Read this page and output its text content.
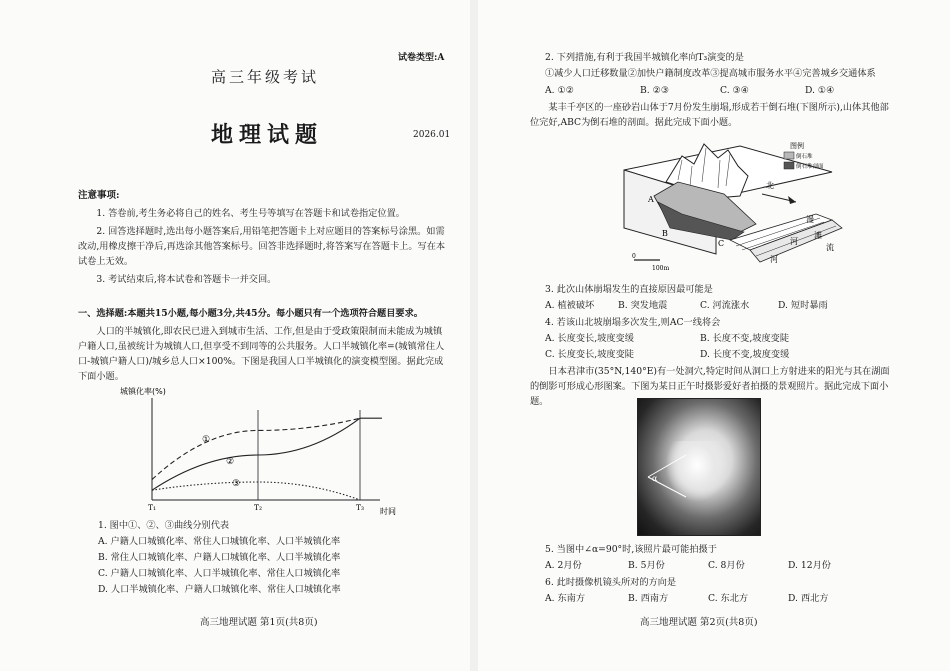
试卷类型:A
高三年级考试
地理试题	2026.01
注意事项:
1. 答卷前,考生务必将自己的姓名、考生号等填写在答题卡和试卷指定位置。
2. 回答选择题时,选出每小题答案后,用铅笔把答题卡上对应题目的答案标号涂黑。如需改动,用橡皮擦干净后,再选涂其他答案标号。回答非选择题时,将答案写在答题卡上。写在本试卷上无效。
3. 考试结束后,将本试卷和答题卡一并交回。
一、选择题:本题共15小题,每小题3分,共45分。每小题只有一个选项符合题目要求。
人口的半城镇化,即农民已进入到城市生活、工作,但是由于受政策限制而未能成为城镇户籍人口,虽被统计为城镇人口,但享受不到同等的公共服务。人口半城镇化率=(城镇常住人口-城镇户籍人口)/城乡总人口×100%。下图是我国人口半城镇化的演变模型图。据此完成下面小题。
城镇化率(%)
①
②
③
T₁	T₂	T₃ 时间
1. 图中①、②、③曲线分别代表
A. 户籍人口城镇化率、常住人口城镇化率、人口半城镇化率
B. 常住人口城镇化率、户籍人口城镇化率、人口半城镇化率
C. 户籍人口城镇化率、人口半城镇化率、常住人口城镇化率
D. 人口半城镇化率、户籍人口城镇化率、常住人口城镇化率
高三地理试题 第1页(共8页)
2. 下列措施,有利于我国半城镇化率向T₃演变的是
①减少人口迁移数量②加快户籍制度改革③提高城市服务水平④完善城乡交通体系
A. ①②	B. ②③	C. ③④	D. ①④
某丰千亭区的一座砂岩山体于7月份发生崩塌,形成若干倒石堆(下图所示),山体其他部位完好,ABC为倒石堆的剖面。据此完成下面小题。
A
B
C	河
漫
滩
河
流
北
图例
倒石堆
倒石堆剖面
0
100m
3. 此次山体崩塌发生的直接原因最可能是
A. 植被破坏	B. 突发地震	C. 河流涨水	D. 短时暴雨
4. 若该山北坡崩塌多次发生,则AC一线将会
A. 长度变长,坡度变缓	B. 长度不变,坡度变陡
C. 长度变长,坡度变陡	D. 长度不变,坡度变缓
日本君津市(35°N,140°E)有一处洞穴,特定时间从洞口上方射进来的阳光与其在湖面的倒影可形成心形图案。下图为某日正午时摄影爱好者拍摄的景观照片。据此完成下面小题。
α
5. 当图中∠α=90°时,该照片最可能拍摄于
A. 2月份	B. 5月份	C. 8月份	D. 12月份
6. 此时摄像机镜头所对的方向是
A. 东南方	B. 西南方	C. 东北方	D. 西北方
高三地理试题 第2页(共8页)
